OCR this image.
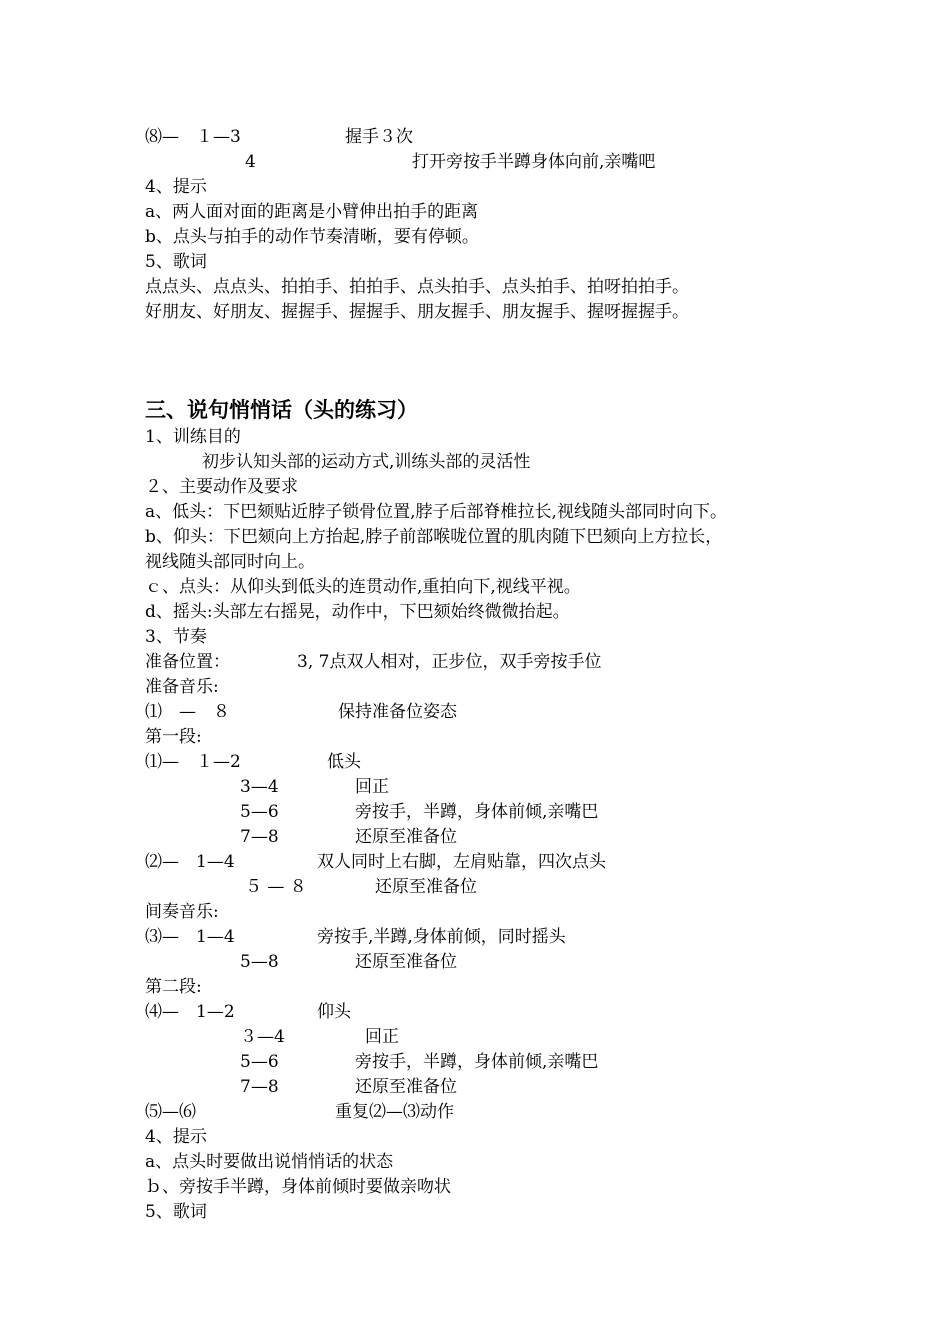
⑻—　１—3	握手３次
4	打开旁按手半蹲身体向前,亲嘴吧
4、提示
a、两人面对面的距离是小臂伸出拍手的距离
b、点头与拍手的动作节奏清晰，要有停顿。
5、歌词
点点头、点点头、拍拍手、拍拍手、点头拍手、点头拍手、拍呀拍拍手。
好朋友、好朋友、握握手、握握手、朋友握手、朋友握手、握呀握握手。
三、说句悄悄话（头的练习）
1、训练目的
初步认知头部的运动方式,训练头部的灵活性
２、主要动作及要求
a、低头：下巴颏贴近脖子锁骨位置,脖子后部脊椎拉长,视线随头部同时向下。
b、仰头：下巴颏向上方抬起,脖子前部喉咙位置的肌肉随下巴颏向上方拉长，
视线随头部同时向上。
ｃ、点头：从仰头到低头的连贯动作,重拍向下,视线平视。
d、摇头:头部左右摇晃，动作中，下巴颏始终微微抬起。
3、节奏
准备位置：	3, 7点双人相对，正步位，双手旁按手位
准备音乐:
⑴　—　８	保持准备位姿态
第一段:
⑴—　１—2	低头
3—4	回正
5—6	旁按手，半蹲，身体前倾,亲嘴巴
7—8	还原至准备位
⑵—　1—4	双人同时上右脚，左肩贴靠，四次点头
５ — ８	还原至准备位
间奏音乐:
⑶—　1—4	旁按手,半蹲,身体前倾，同时摇头
5—8	还原至准备位
第二段:
⑷—　1—2	仰头
３—4	回正
5—6	旁按手，半蹲，身体前倾,亲嘴巴
7—8	还原至准备位
⑸—⑹	重复⑵—⑶动作
4、提示
a、点头时要做出说悄悄话的状态
ｂ、旁按手半蹲，身体前倾时要做亲吻状
5、歌词
